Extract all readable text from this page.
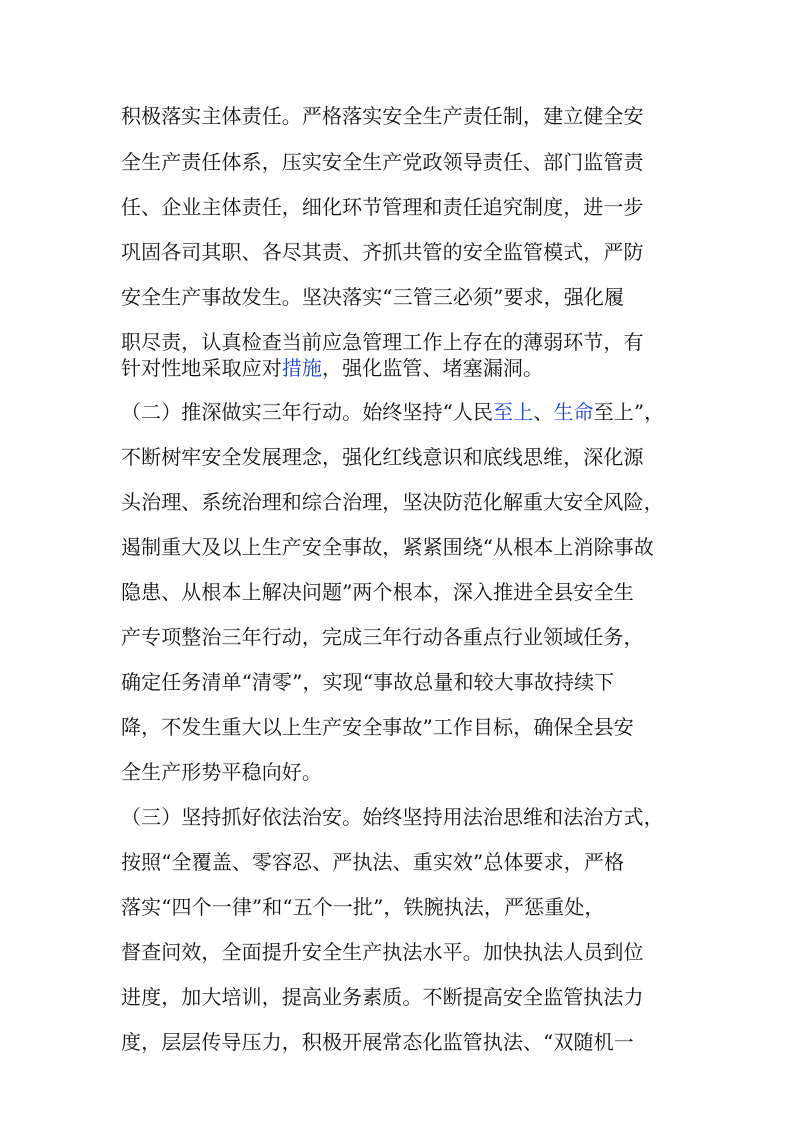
积极落实主体责任。严格落实安全生产责任制，建立健全安
全生产责任体系，压实安全生产党政领导责任、部门监管责
任、企业主体责任，细化环节管理和责任追究制度，进一步
巩固各司其职、各尽其责、齐抓共管的安全监管模式，严防
安全生产事故发生。坚决落实“三管三必须”要求，强化履
职尽责，认真检查当前应急管理工作上存在的薄弱环节，有
针对性地采取应对措施，强化监管、堵塞漏洞。
（二）推深做实三年行动。始终坚持“人民至上、生命至上”，
不断树牢安全发展理念，强化红线意识和底线思维，深化源
头治理、系统治理和综合治理，坚决防范化解重大安全风险，
遏制重大及以上生产安全事故，紧紧围绕“从根本上消除事故
隐患、从根本上解决问题”两个根本，深入推进全县安全生
产专项整治三年行动，完成三年行动各重点行业领域任务，
确定任务清单“清零”，实现“事故总量和较大事故持续下
降，不发生重大以上生产安全事故”工作目标，确保全县安
全生产形势平稳向好。
（三）坚持抓好依法治安。始终坚持用法治思维和法治方式，
按照“全覆盖、零容忍、严执法、重实效”总体要求，严格
落实“四个一律”和“五个一批”，铁腕执法，严惩重处，
督查问效，全面提升安全生产执法水平。加快执法人员到位
进度，加大培训，提高业务素质。不断提高安全监管执法力
度，层层传导压力，积极开展常态化监管执法、“双随机一
